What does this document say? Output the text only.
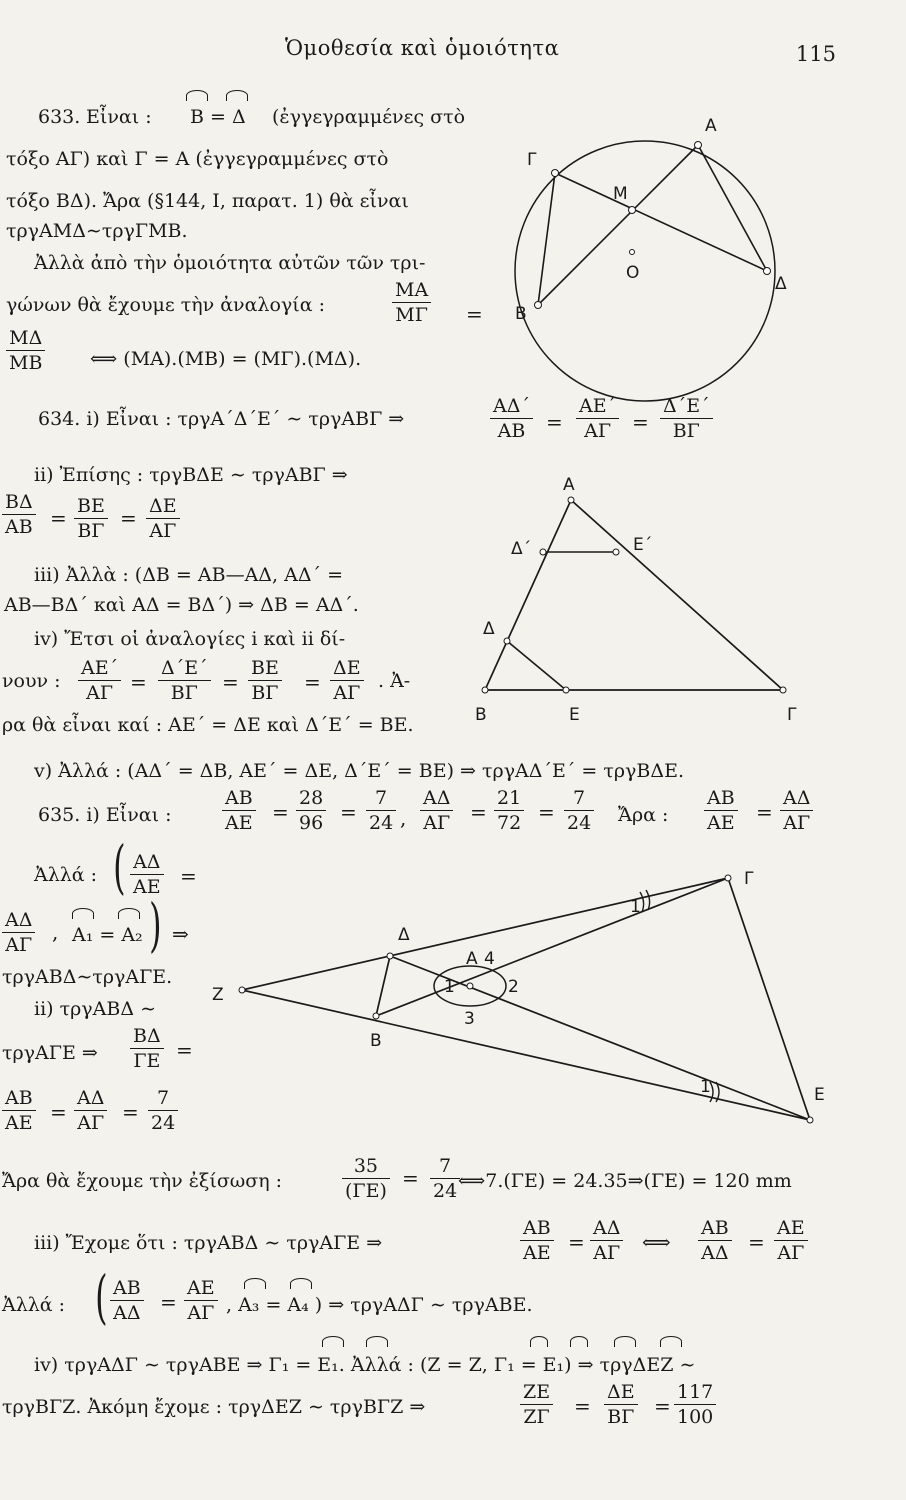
Ὁμοθεσία καὶ ὁμοιότητα	115
633. Εἶναι : B = Δ (ἐγγεγραμμένες στὸ
τόξο ΑΓ) καὶ Γ = Α (ἐγγεγραμμένες στὸ
τόξο ΒΔ). Ἄρα (§144, Ι, παρατ. 1) θὰ εἶναι
τργΑΜΔ∼τργΓΜΒ.
Ἀλλὰ ἀπὸ τὴν ὁμοιότητα αὐτῶν τῶν τρι-
γώνων θὰ ἔχουμε τὴν ἀναλογία :
ΜΑ
ΜΓ =
ΜΔ
ΜΒ	⟺ (ΜΑ).(ΜΒ) = (ΜΓ).(ΜΔ).
A
Γ
M
O
Δ
B
634. i) Εἶναι : τργΑ΄Δ΄Ε΄ ∼ τργΑΒΓ ⇒
ΑΔ΄
ΑΒ =
ΑΕ΄
ΑΓ =
Δ΄Ε΄
ΒΓ
ii) Ἐπίσης : τργΒΔΕ ∼ τργΑΒΓ ⇒
ΒΔ
ΑΒ = ΒΕ
ΒΓ
= ΔΕ
ΑΓ
iii) Ἀλλὰ : (ΔΒ = ΑΒ—ΑΔ, ΑΔ΄ =
ΑΒ—ΒΔ΄ καὶ ΑΔ = ΒΔ΄) ⇒ ΔΒ = ΑΔ΄.
iv) Ἔτσι οἱ ἀναλογίες i καὶ ii δί-
νουν :
ΑΕ΄
ΑΓ =
Δ΄Ε΄
ΒΓ =
ΒΕ
ΒΓ =
ΔΕ
ΑΓ
. Ἀ-
ρα θὰ εἶναι καί : ΑΕ΄ = ΔΕ καὶ Δ΄Ε΄ = ΒΕ.
v) Ἀλλά : (ΑΔ΄ = ΔΒ, ΑΕ΄ = ΔΕ, Δ΄Ε΄ = ΒΕ) ⇒ τργΑΔ΄Ε΄ = τργΒΔΕ.
A
Δ΄	Ε΄
Δ
B	E	Γ
635. i) Εἶναι :
ΑΒ
ΑΕ =
28
96 =
7
24 ,
ΑΔ
ΑΓ =
21
72 =
7
24 Ἄρα :
ΑΒ
ΑΕ =
ΑΔ
ΑΓ
Ἀλλά : ( ΑΔ
ΑΕ =
ΑΔ
ΑΓ
, Α₁ = Α₂ ) ⇒
τργΑΒΔ∼τργΑΓΕ.
ii) τργΑΒΔ ∼
τργΑΓΕ ⇒
ΒΔ
ΓΕ =
ΑΒ
ΑΕ =
ΑΔ
ΑΓ =
7
24
Ἄρα θὰ ἔχουμε τὴν ἐξίσωση :
35
(ΓΕ)
= 7
24 ⟺7.(ΓΕ) = 24.35⇒(ΓΕ) = 120 mm
iii) Ἔχομε ὅτι : τργΑΒΔ ∼ τργΑΓΕ ⇒
ΑΒ
ΑΕ =
ΑΔ
ΑΓ ⟺
ΑΒ
ΑΔ =
ΑΕ
ΑΓ
Ἀλλά : ( ΑΒ
ΑΔ =
ΑΕ
ΑΓ , Α₃ = Α₄ ) ⇒ τργΑΔΓ ∼ τργΑΒΕ.
iv) τργΑΔΓ ∼ τργΑΒΕ ⇒ Γ₁ = Ε₁. Ἀλλά : (Ζ = Ζ, Γ₁ = Ε₁) ⇒ τργΔΕΖ ∼
τργΒΓΖ. Ἀκόμη ἔχομε : τργΔΕΖ ∼ τργΒΓΖ ⇒
ΖΕ
ΖΓ =
ΔΕ
ΒΓ =
117
100
Γ
Δ
A 4
1	2
3
Z
B
E
1
1
